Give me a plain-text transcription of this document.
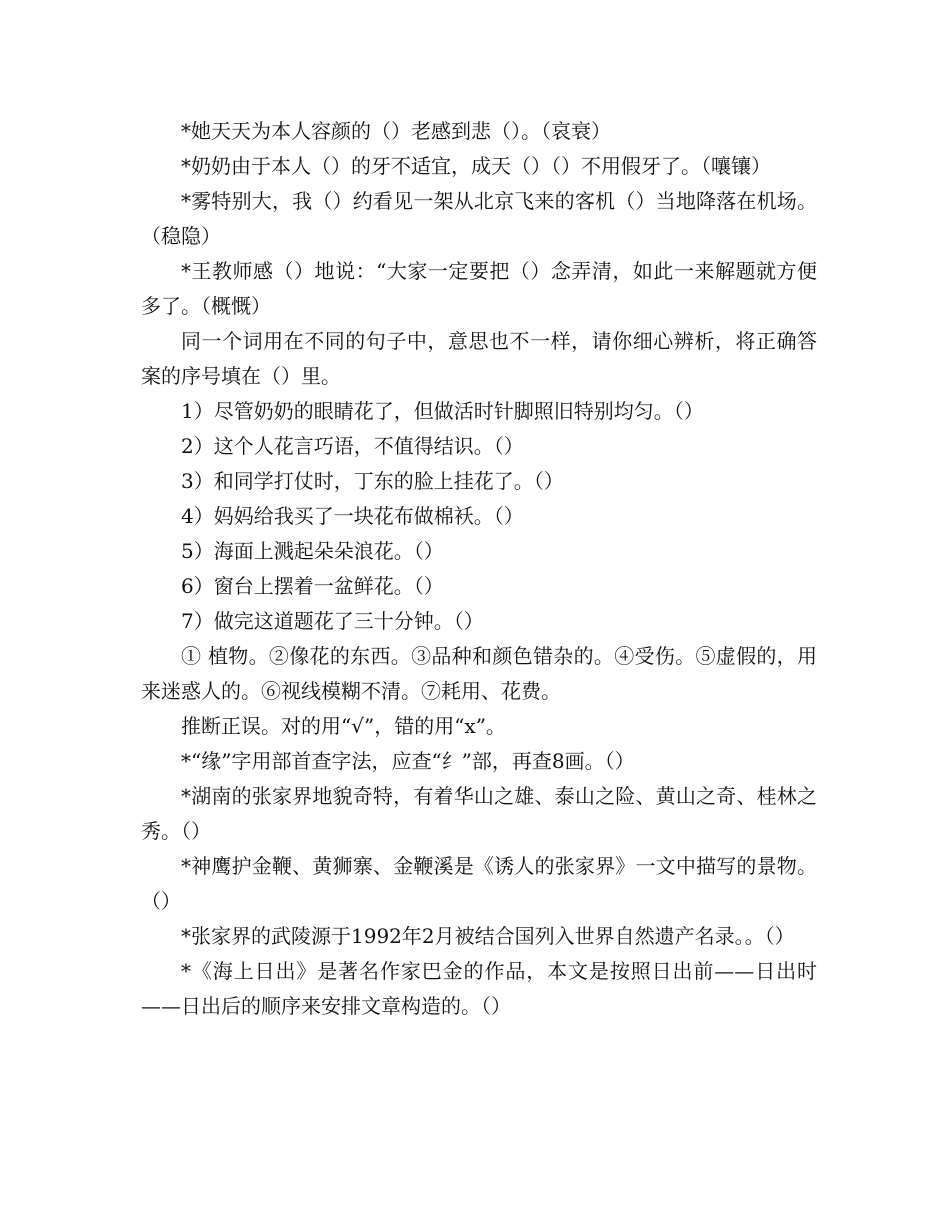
*她天天为本人容颜的（）老感到悲（）。（哀衰）

*奶奶由于本人（）的牙不适宜，成天（）（）不用假牙了。（嚷镶）

*雾特别大，我（）约看见一架从北京飞来的客机（）当地降落在机场。（稳隐）

*王教师感（）地说：“大家一定要把（）念弄清，如此一来解题就方便多了。（概慨）

同一个词用在不同的句子中，意思也不一样，请你细心辨析，将正确答案的序号填在（）里。

1）尽管奶奶的眼睛花了，但做活时针脚照旧特别均匀。（）

2）这个人花言巧语，不值得结识。（）

3）和同学打仗时，丁东的脸上挂花了。（）

4）妈妈给我买了一块花布做棉袄。（）

5）海面上溅起朵朵浪花。（）

6）窗台上摆着一盆鲜花。（）

7）做完这道题花了三十分钟。（）

① 植物。②像花的东西。③品种和颜色错杂的。④受伤。⑤虚假的，用来迷惑人的。⑥视线模糊不清。⑦耗用、花费。

推断正误。对的用“√”，错的用“x”。

*“缘”字用部首查字法，应查“纟”部，再查8画。（）

*湖南的张家界地貌奇特，有着华山之雄、泰山之险、黄山之奇、桂林之秀。（）

*神鹰护金鞭、黄狮寨、金鞭溪是《诱人的张家界》一文中描写的景物。（）

*张家界的武陵源于1992年2月被结合国列入世界自然遗产名录。。（）

*《海上日出》是著名作家巴金的作品，本文是按照日出前——日出时——日出后的顺序来安排文章构造的。（）
